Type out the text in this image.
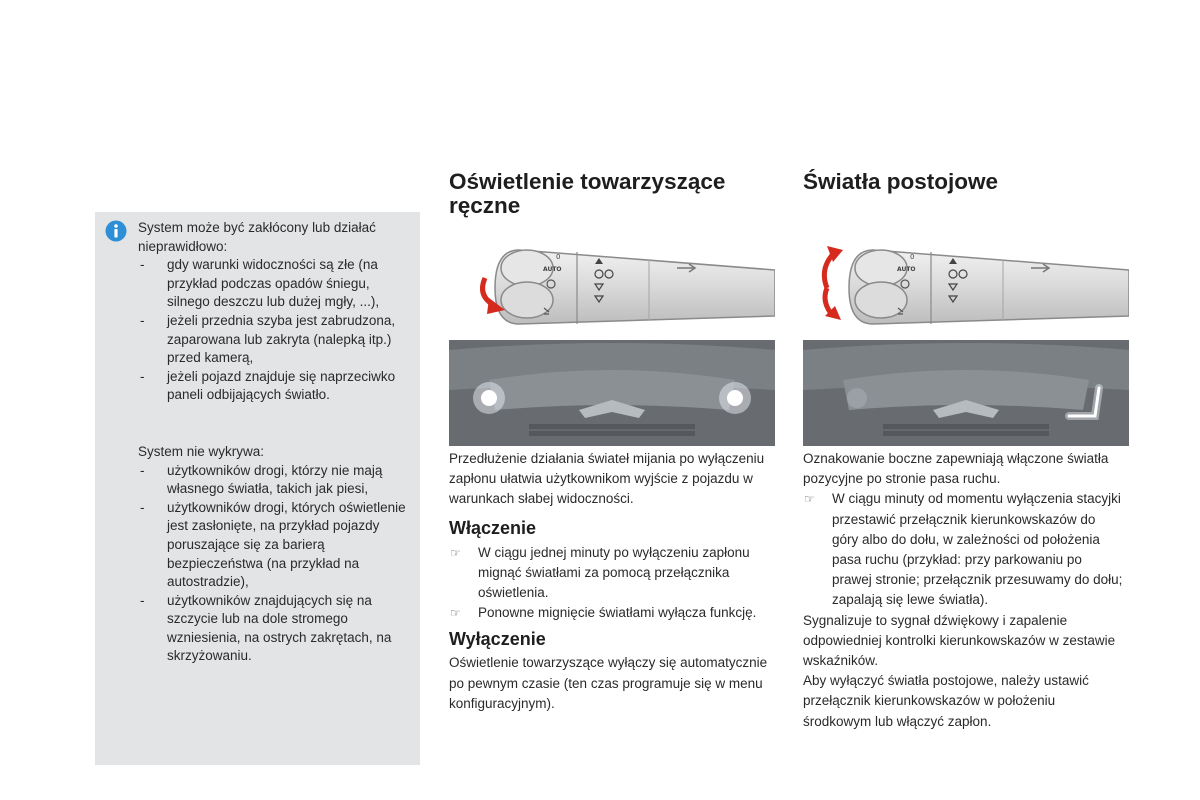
System może być zakłócony lub działać nieprawidłowo:

- gdy warunki widoczności są złe (na przykład podczas opadów śniegu, silnego deszczu lub dużej mgły, ...),
- jeżeli przednia szyba jest zabrudzona, zaparowana lub zakryta (nalepką itp.) przed kamerą,
- jeżeli pojazd znajduje się naprzeciwko paneli odbijających światło.

System nie wykrywa:

- użytkowników drogi, którzy nie mają własnego światła, takich jak piesi,
- użytkowników drogi, których oświetlenie jest zasłonięte, na przykład pojazdy poruszające się za barierą bezpieczeństwa (na przykład na autostradzie),
- użytkowników znajdujących się na szczycie lub na dole stromego wzniesienia, na ostrych zakrętach, na skrzyżowaniu.
Oświetlenie towarzyszące ręczne
0
AUTO

Przedłużenie działania świateł mijania po wyłączeniu zapłonu ułatwia użytkownikom wyjście z pojazdu w warunkach słabej widoczności.

Włączenie

☞ W ciągu jednej minuty po wyłączeniu zapłonu mignąć światłami za pomocą przełącznika oświetlenia.
☞ Ponowne mignięcie światłami wyłącza funkcję.

Wyłączenie

Oświetlenie towarzyszące wyłączy się automatycznie po pewnym czasie (ten czas programuje się w menu konfiguracyjnym).

Światła postojowe
0
AUTO

Oznakowanie boczne zapewniają włączone światła pozycyjne po stronie pasa ruchu.

☞ W ciągu minuty od momentu wyłączenia stacyjki przestawić przełącznik kierunkowskazów do góry albo do dołu, w zależności od położenia pasa ruchu (przykład: przy parkowaniu po prawej stronie; przełącznik przesuwamy do dołu; zapalają się lewe światła).

Sygnalizuje to sygnał dźwiękowy i zapalenie odpowiedniej kontrolki kierunkowskazów w zestawie wskaźników.

Aby wyłączyć światła postojowe, należy ustawić przełącznik kierunkowskazów w położeniu środkowym lub włączyć zapłon.
